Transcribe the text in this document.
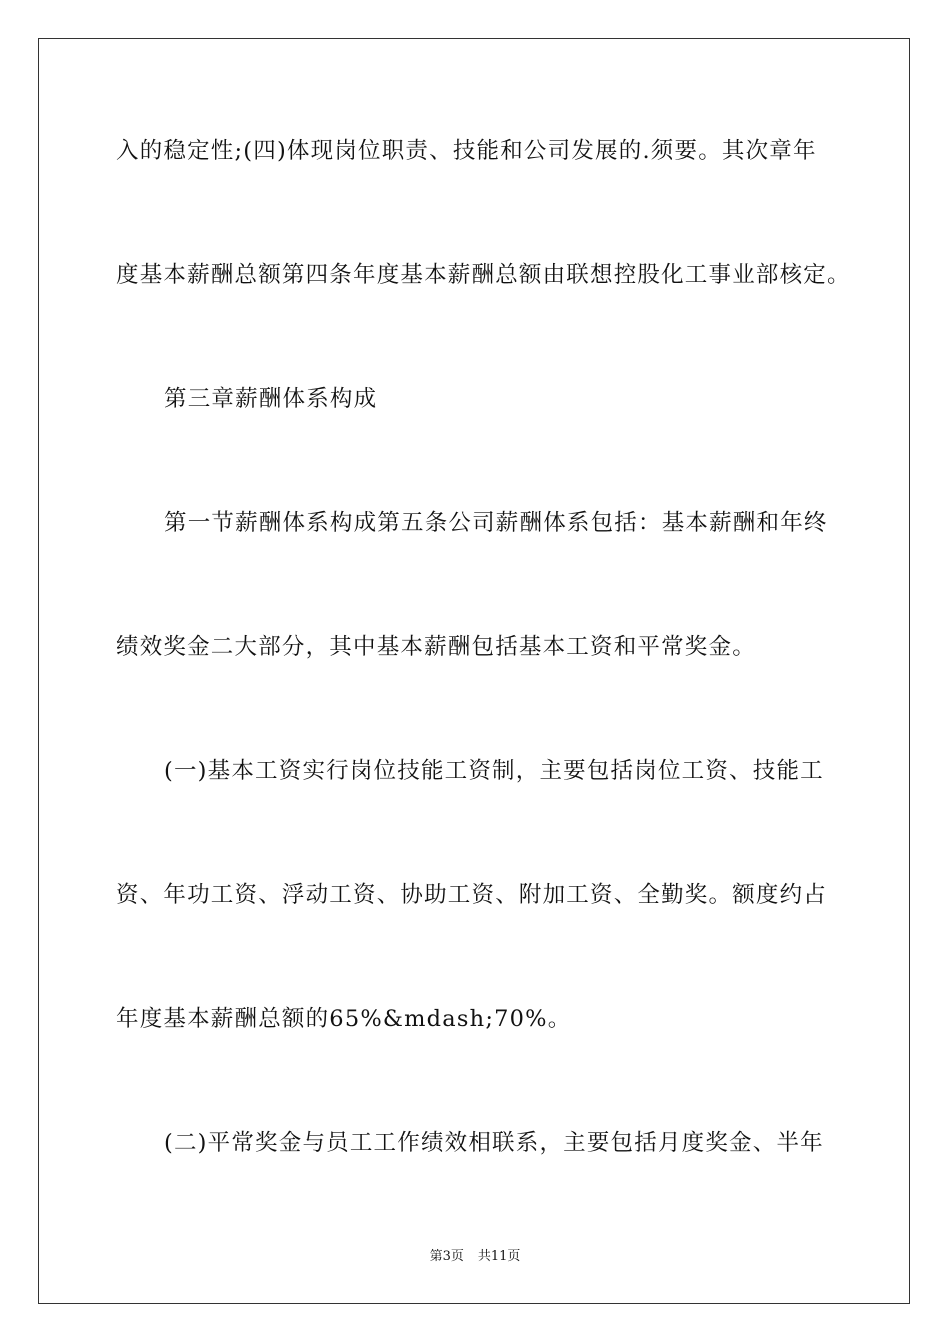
入的稳定性;(四)体现岗位职责、技能和公司发展的.须要。其次章年
度基本薪酬总额第四条年度基本薪酬总额由联想控股化工事业部核定。
第三章薪酬体系构成
第一节薪酬体系构成第五条公司薪酬体系包括：基本薪酬和年终
绩效奖金二大部分，其中基本薪酬包括基本工资和平常奖金。
(一)基本工资实行岗位技能工资制，主要包括岗位工资、技能工
资、年功工资、浮动工资、协助工资、附加工资、全勤奖。额度约占
年度基本薪酬总额的65%&mdash;70%。
(二)平常奖金与员工工作绩效相联系，主要包括月度奖金、半年
第3页 共11页
